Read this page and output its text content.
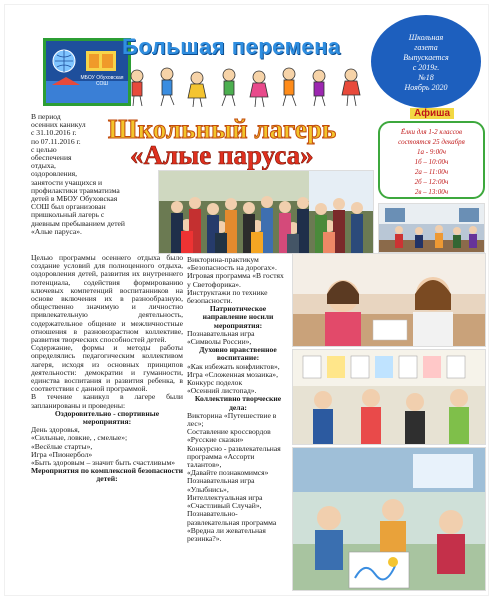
МБОУ Обуховская СОШ
Большая перемена	Школьная
газета
Выпускается
с 2019г.
№18
Ноябрь 2020
Афиша
Ёлки для 1-2 классов
состоятся 25 декабря
1а - 9:00ч
1б – 10:00ч
2а – 11:00ч
2б – 12:00ч
2в – 13:00ч
Школьный лагерь
«Алые паруса»
В период
осенних каникул
с 31.10.2016 г.
по 07.11.2016 г.
с целью
обеспечения
отдыха,
оздоровления,
занятости учащихся и
профилактики травматизма
детей в МБОУ Обуховская
СОШ был организован
пришкольный лагерь с
дневным пребыванием детей
«Алые паруса».

Целью программы осеннего отдыха было создание условий для полноценного отдыха, оздоровления детей, развития их внутреннего потенциала, содействия формированию ключевых компетенций воспитанников на основе включения их в разнообразную, общественно значимую и личностно привлекательную деятельность, содержательное общение и межличностные отношения в разновозрастном коллективе, развития творческих способностей детей.

Содержание, формы и методы работы определялись педагогическим коллективом лагеря, исходя из основных принципов деятельности: демократии и гуманности, единства воспитания и развития ребенка, в соответствии с данной программой.

В течение каникул в лагере были запланированы и проведены:

Оздоровительно - спортивные мероприятия:

День здоровья,
«Сильные, ловкие, , смелые»;
«Весёлые старты»,
Игра «Пионербол»
«Быть здоровым – значит быть счастливым»

Мероприятия по комплексной безопасности детей:

Викторина-практикум «Безопасность на дорогах».
Игровая программа «В гостях у Светофорика».
Инструктажи по технике безопасности.
Патриотическое направление носили мероприятия:
Познавательная игра «Символы России»,
Духовно нравственное воспитание:
«Как избежать конфликтов»,
Игра «Сложенная мозаика»,
Конкурс поделок
«Осенний листопад».
Коллективно творческие дела:
Викторина «Путешествие в лес»;
Составление кроссвордов «Русские сказки»
Конкурсно - развлекательная программа «Ассорти талантов»,
«Давайте познакомимся»
Познавательная игра «Улыбнись»,
Интеллектуальная игра «Счастливый Случай»,
Познавательно-развлекательная программа «Вредна ли жевательная резинка?».
